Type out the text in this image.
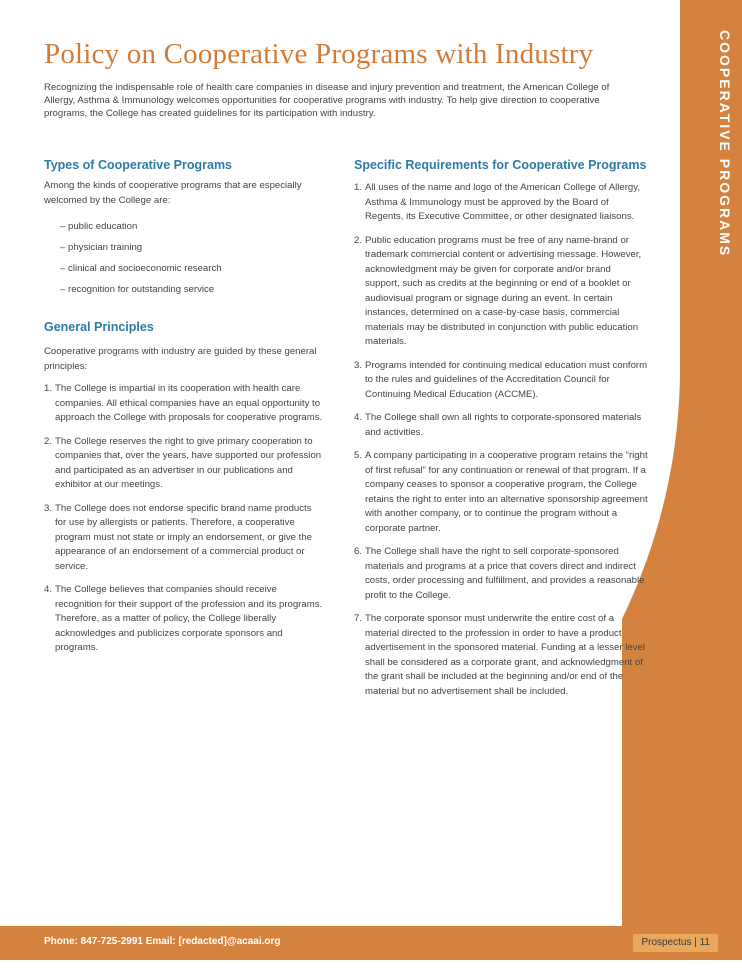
COOPERATIVE PROGRAMS
Policy on Cooperative Programs with Industry
Recognizing the indispensable role of health care companies in disease and injury prevention and treatment, the American College of Allergy, Asthma & Immunology welcomes opportunities for cooperative programs with industry. To help give direction to cooperative programs, the College has created guidelines for its participation with industry.
Types of Cooperative Programs

Among the kinds of cooperative programs that are especially welcomed by the College are:

– public education
– physician training
– clinical and socioeconomic research
– recognition for outstanding service
General Principles

Cooperative programs with industry are guided by these general principles:

1. The College is impartial in its cooperation with health care companies. All ethical companies have an equal opportunity to approach the College with proposals for cooperative programs.
2. The College reserves the right to give primary cooperation to companies that, over the years, have supported our profession and participated as an advertiser in our publications and exhibitor at our meetings.
3. The College does not endorse specific brand name products for use by allergists or patients. Therefore, a cooperative program must not state or imply an endorsement, or give the appearance of an endorsement of a commercial product or service.
4. The College believes that companies should receive recognition for their support of the profession and its programs. Therefore, as a matter of policy, the College liberally acknowledges and publicizes corporate sponsors and programs.
Specific Requirements for Cooperative Programs
1. All uses of the name and logo of the American College of Allergy, Asthma & Immunology must be approved by the Board of Regents, its Executive Committee, or other designated liaisons.
2. Public education programs must be free of any name-brand or trademark commercial content or advertising message. However, acknowledgment may be given for corporate and/or brand support, such as credits at the beginning or end of a booklet or audiovisual program or signage during an event. In certain instances, determined on a case-by-case basis, commercial materials may be distributed in conjunction with public education materials.
3. Programs intended for continuing medical education must conform to the rules and guidelines of the Accreditation Council for Continuing Medical Education (ACCME).
4. The College shall own all rights to corporate-sponsored materials and activities.
5. A company participating in a cooperative program retains the “right of first refusal” for any continuation or renewal of that program. If a company ceases to sponsor a cooperative program, the College retains the right to enter into an alternative sponsorship agreement with another company, or to continue the program without a corporate partner.
6. The College shall have the right to sell corporate-sponsored materials and programs at a price that covers direct and indirect costs, order processing and fulfillment, and provides a reasonable profit to the College.
7. The corporate sponsor must underwrite the entire cost of a material directed to the profession in order to have a product advertisement in the sponsored material. Funding at a lesser level shall be considered as a corporate grant, and acknowledgment of the grant shall be included at the beginning and/or end of the material but no advertisement shall be included.
Phone: 847-725-2991 Email: [redacted]@acaai.org	Prospectus | 11
